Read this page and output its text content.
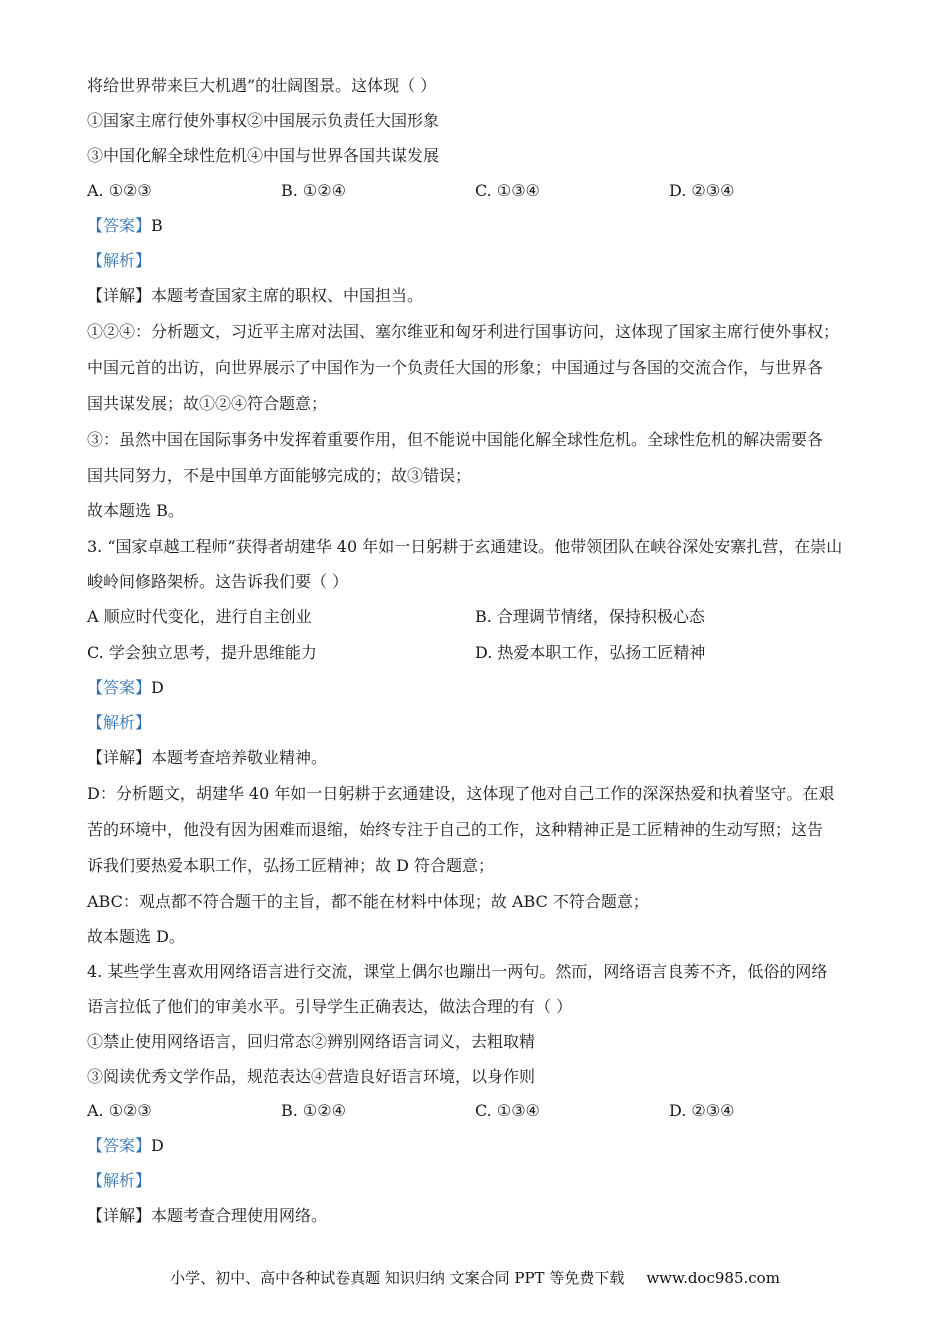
将给世界带来巨大机遇”的壮阔图景。这体现（ ）
①国家主席行使外事权②中国展示负责任大国形象
③中国化解全球性危机④中国与世界各国共谋发展
A. ①②③	B. ①②④	C. ①③④	D. ②③④
【答案】B
【解析】
【详解】本题考查国家主席的职权、中国担当。
①②④：分析题文，习近平主席对法国、塞尔维亚和匈牙利进行国事访问，这体现了国家主席行使外事权；
中国元首的出访，向世界展示了中国作为一个负责任大国的形象；中国通过与各国的交流合作，与世界各
国共谋发展；故①②④符合题意；
③：虽然中国在国际事务中发挥着重要作用，但不能说中国能化解全球性危机。全球性危机的解决需要各
国共同努力，不是中国单方面能够完成的；故③错误；
故本题选 B。
3. “国家卓越工程师”获得者胡建华 40 年如一日躬耕于玄通建设。他带领团队在峡谷深处安寨扎营，在崇山
峻岭间修路架桥。这告诉我们要（ ）
A 顺应时代变化，进行自主创业	B. 合理调节情绪，保持积极心态
C. 学会独立思考，提升思维能力	D. 热爱本职工作，弘扬工匠精神
【答案】D
【解析】
【详解】本题考查培养敬业精神。
D：分析题文，胡建华 40 年如一日躬耕于玄通建设，这体现了他对自己工作的深深热爱和执着坚守。在艰
苦的环境中，他没有因为困难而退缩，始终专注于自己的工作，这种精神正是工匠精神的生动写照；这告
诉我们要热爱本职工作，弘扬工匠精神；故 D 符合题意；
ABC：观点都不符合题干的主旨，都不能在材料中体现；故 ABC 不符合题意；
故本题选 D。
4. 某些学生喜欢用网络语言进行交流，课堂上偶尔也蹦出一两句。然而，网络语言良莠不齐，低俗的网络
语言拉低了他们的审美水平。引导学生正确表达，做法合理的有（ ）
①禁止使用网络语言，回归常态②辨别网络语言词义，去粗取精
③阅读优秀文学作品，规范表达④营造良好语言环境，以身作则
A. ①②③	B. ①②④	C. ①③④	D. ②③④
【答案】D
【解析】
【详解】本题考查合理使用网络。
小学、初中、高中各种试卷真题 知识归纳 文案合同 PPT 等免费下载 www.doc985.com
